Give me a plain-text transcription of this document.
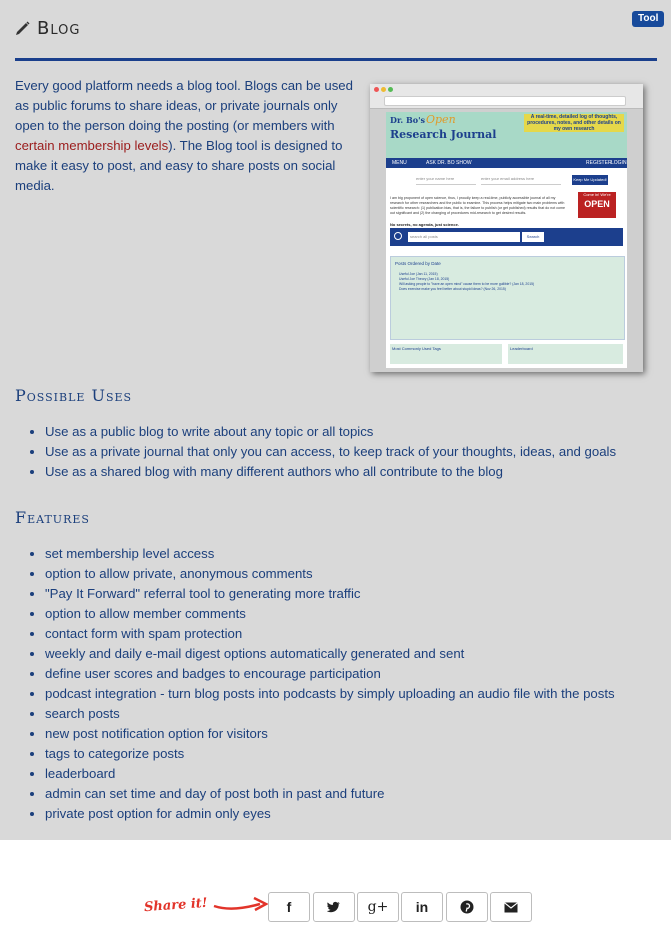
Blog	Tool
Every good platform needs a blog tool. Blogs can be used as public forums to share ideas, or private journals only open to the person doing the posting (or members with certain membership levels). The Blog tool is designed to make it easy to post, and easy to share posts on social media.
Dr. Bo's Open
Research Journal
A real-time, detailed log of thoughts, procedures, notes, and other details on my own research
MENU	ASK DR. BO SHOW	REGISTER LOGIN
enter your name here	enter your email address here	Keep Me Updated!
I am big proponent of open science, thus, I proudly keep a real-time, publicly accessible journal of all my research for other researchers and the public to examine. This process helps mitigate two main problems with scientific research: (1) publication bias, that is, the failure to publish (or get published) results that do not come out significant and (2) the changing of procedures mid-research to get desired results.
Come in! We're
OPEN
No secrets, no agenda, just science.
search all posts	Search
Posts Ordered by Date
Useful Joe (Jan 11, 2015)
Useful Joe Theory (Jan 18, 2015)
Will asking people to "have an open mind" cause them to be more gullible? (Jan 18, 2015)
Does exercise make you feel better about stupid ideas? (Nov 26, 2015)
Most Commonly Used Tags	Leaderboard
Possible Uses
• Use as a public blog to write about any topic or all topics
• Use as a private journal that only you can access, to keep track of your thoughts, ideas, and goals
• Use as a shared blog with many different authors who all contribute to the blog
Features
• set membership level access
• option to allow private, anonymous comments
• "Pay It Forward" referral tool to generating more traffic
• option to allow member comments
• contact form with spam protection
• weekly and daily e-mail digest options automatically generated and sent
• define user scores and badges to encourage participation
• podcast integration - turn blog posts into podcasts by simply uploading an audio file with the posts
• search posts
• new post notification option for visitors
• tags to categorize posts
• leaderboard
• admin can set time and day of post both in past and future
• private post option for admin only eyes
Share it!	f	g+ in
